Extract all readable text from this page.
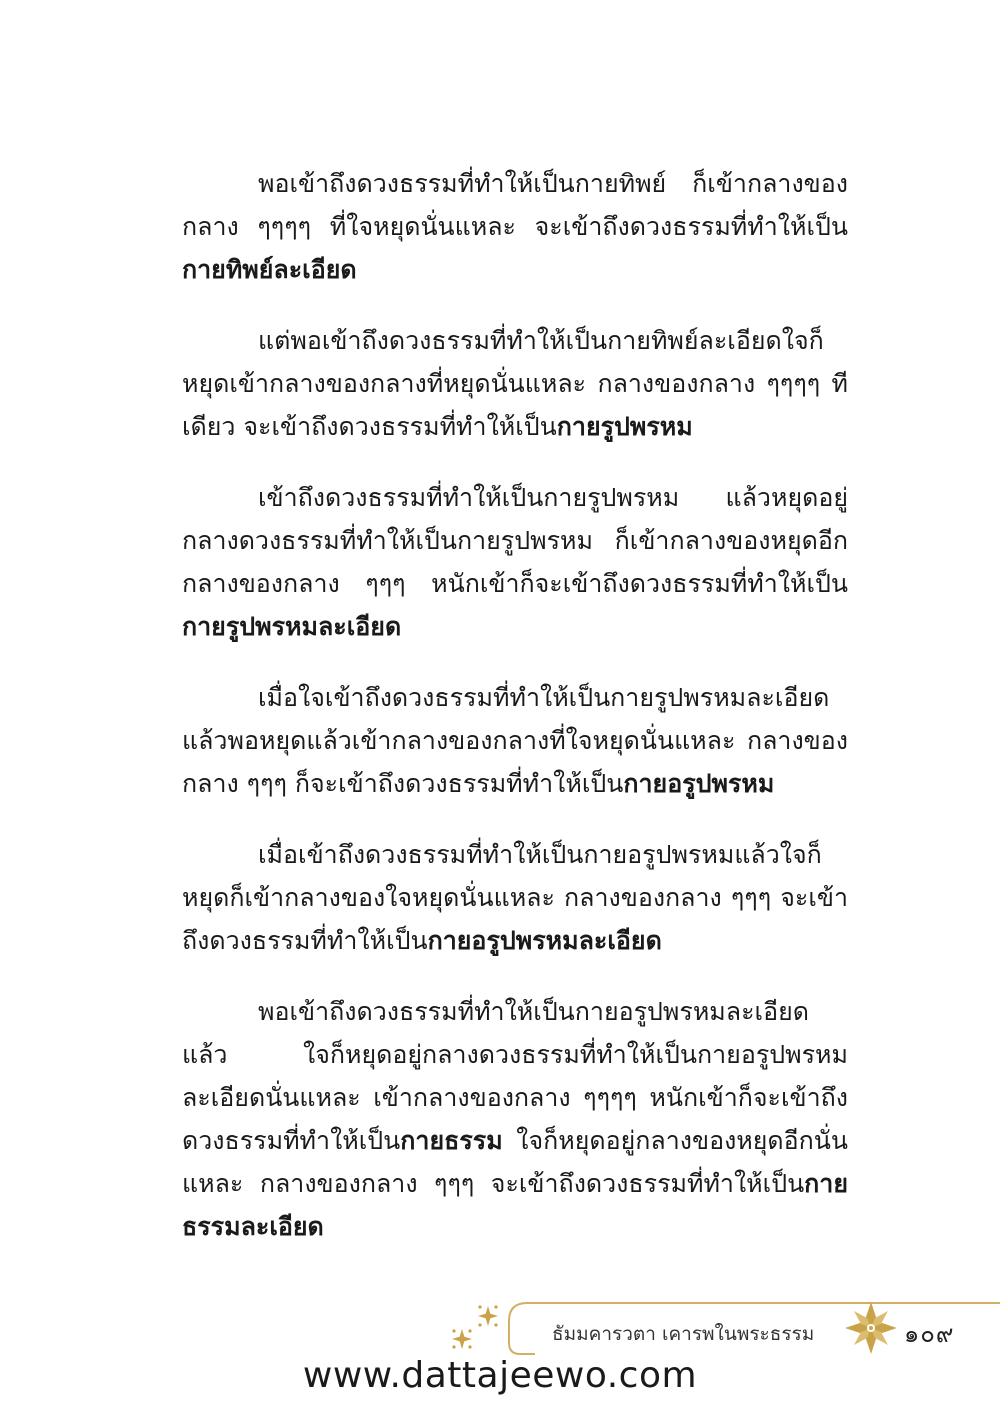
พอเข้าถึงดวงธรรมที่ทำให้เป็นกายทิพย์ ก็เข้ากลางของกลาง ๆๆๆๆ ที่ใจหยุดนั่นแหละ จะเข้าถึงดวงธรรมที่ทำให้เป็นกายทิพย์ละเอียด

แต่พอเข้าถึงดวงธรรมที่ทำให้เป็นกายทิพย์ละเอียดใจก็หยุดเข้ากลางของกลางที่หยุดนั่นแหละ กลางของกลาง ๆๆๆๆ ทีเดียว จะเข้าถึงดวงธรรมที่ทำให้เป็นกายรูปพรหม

เข้าถึงดวงธรรมที่ทำให้เป็นกายรูปพรหม แล้วหยุดอยู่กลางดวงธรรมที่ทำให้เป็นกายรูปพรหม ก็เข้ากลางของหยุดอีก กลางของกลาง ๆๆๆ หนักเข้าก็จะเข้าถึงดวงธรรมที่ทำให้เป็นกายรูปพรหมละเอียด

เมื่อใจเข้าถึงดวงธรรมที่ทำให้เป็นกายรูปพรหมละเอียดแล้วพอหยุดแล้วเข้ากลางของกลางที่ใจหยุดนั่นแหละ กลางของกลาง ๆๆๆ ก็จะเข้าถึงดวงธรรมที่ทำให้เป็นกายอรูปพรหม

เมื่อเข้าถึงดวงธรรมที่ทำให้เป็นกายอรูปพรหมแล้วใจก็หยุดก็เข้ากลางของใจหยุดนั่นแหละ กลางของกลาง ๆๆๆ จะเข้าถึงดวงธรรมที่ทำให้เป็นกายอรูปพรหมละเอียด

พอเข้าถึงดวงธรรมที่ทำให้เป็นกายอรูปพรหมละเอียดแล้ว ใจก็หยุดอยู่กลางดวงธรรมที่ทำให้เป็นกายอรูปพรหมละเอียดนั่นแหละ เข้ากลางของกลาง ๆๆๆๆ หนักเข้าก็จะเข้าถึงดวงธรรมที่ทำให้เป็นกายธรรม ใจก็หยุดอยู่กลางของหยุดอีกนั่นแหละ กลางของกลาง ๆๆๆ จะเข้าถึงดวงธรรมที่ทำให้เป็นกายธรรมละเอียด

ธัมมคารวตา เคารพในพระธรรม	๑๐๙
www.dattajeewo.com
